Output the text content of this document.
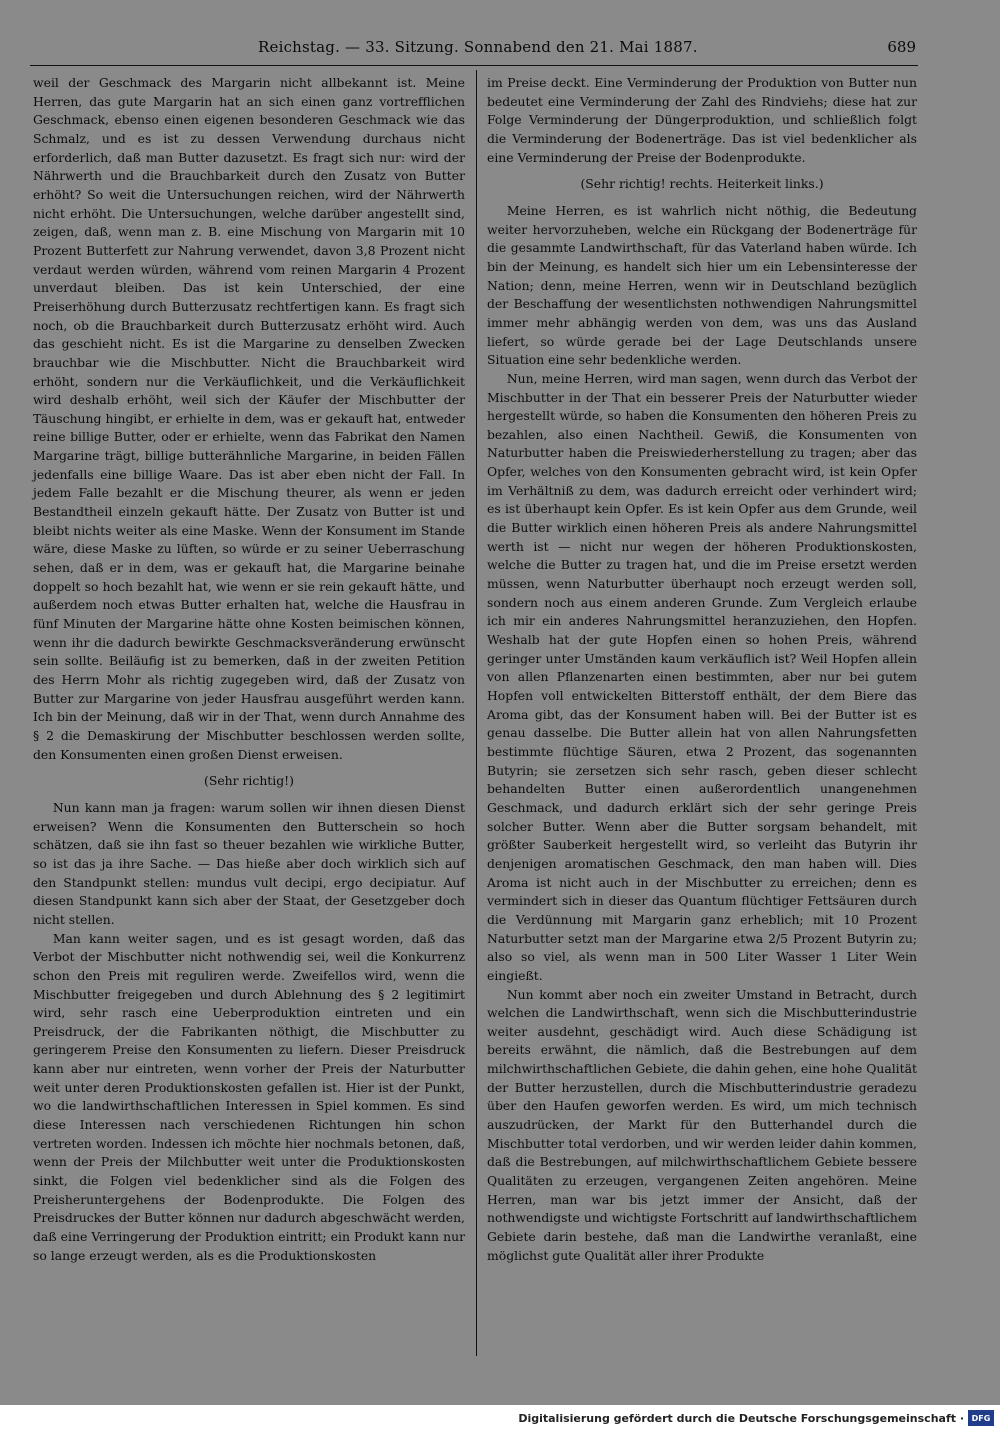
Reichstag. — 33. Sitzung. Sonnabend den 21. Mai 1887.	689

weil der Geschmack des Margarin nicht allbekannt ist. Meine Herren, das gute Margarin hat an sich einen ganz vortrefflichen Geschmack, ebenso einen eigenen besonderen Geschmack wie das Schmalz, und es ist zu dessen Verwendung durchaus nicht erforderlich, daß man Butter dazusetzt. Es fragt sich nur: wird der Nährwerth und die Brauchbarkeit durch den Zusatz von Butter erhöht? So weit die Untersuchungen reichen, wird der Nährwerth nicht erhöht. Die Untersuchungen, welche darüber angestellt sind, zeigen, daß, wenn man z. B. eine Mischung von Margarin mit 10 Prozent Butterfett zur Nahrung verwendet, davon 3,8 Prozent nicht verdaut werden würden, während vom reinen Margarin 4 Prozent unverdaut bleiben. Das ist kein Unterschied, der eine Preiserhöhung durch Butterzusatz rechtfertigen kann. Es fragt sich noch, ob die Brauchbarkeit durch Butterzusatz erhöht wird. Auch das geschieht nicht. Es ist die Margarine zu denselben Zwecken brauchbar wie die Mischbutter. Nicht die Brauchbarkeit wird erhöht, sondern nur die Verkäuflichkeit, und die Verkäuflichkeit wird deshalb erhöht, weil sich der Käufer der Mischbutter der Täuschung hingibt, er erhielte in dem, was er gekauft hat, entweder reine billige Butter, oder er erhielte, wenn das Fabrikat den Namen Margarine trägt, billige butterähnliche Margarine, in beiden Fällen jedenfalls eine billige Waare. Das ist aber eben nicht der Fall. In jedem Falle bezahlt er die Mischung theurer, als wenn er jeden Bestandtheil einzeln gekauft hätte. Der Zusatz von Butter ist und bleibt nichts weiter als eine Maske. Wenn der Konsument im Stande wäre, diese Maske zu lüften, so würde er zu seiner Ueberraschung sehen, daß er in dem, was er gekauft hat, die Margarine beinahe doppelt so hoch bezahlt hat, wie wenn er sie rein gekauft hätte, und außerdem noch etwas Butter erhalten hat, welche die Hausfrau in fünf Minuten der Margarine hätte ohne Kosten beimischen können, wenn ihr die dadurch bewirkte Geschmacksveränderung erwünscht sein sollte. Beiläufig ist zu bemerken, daß in der zweiten Petition des Herrn Mohr als richtig zugegeben wird, daß der Zusatz von Butter zur Margarine von jeder Hausfrau ausgeführt werden kann. Ich bin der Meinung, daß wir in der That, wenn durch Annahme des § 2 die Demaskirung der Mischbutter beschlossen werden sollte, den Konsumenten einen großen Dienst erweisen.

(Sehr richtig!)

Nun kann man ja fragen: warum sollen wir ihnen diesen Dienst erweisen? Wenn die Konsumenten den Butterschein so hoch schätzen, daß sie ihn fast so theuer bezahlen wie wirkliche Butter, so ist das ja ihre Sache. — Das hieße aber doch wirklich sich auf den Standpunkt stellen: mundus vult decipi, ergo decipiatur. Auf diesen Standpunkt kann sich aber der Staat, der Gesetzgeber doch nicht stellen.

Man kann weiter sagen, und es ist gesagt worden, daß das Verbot der Mischbutter nicht nothwendig sei, weil die Konkurrenz schon den Preis mit reguliren werde. Zweifellos wird, wenn die Mischbutter freigegeben und durch Ablehnung des § 2 legitimirt wird, sehr rasch eine Ueberproduktion eintreten und ein Preisdruck, der die Fabrikanten nöthigt, die Mischbutter zu geringerem Preise den Konsumenten zu liefern. Dieser Preisdruck kann aber nur eintreten, wenn vorher der Preis der Naturbutter weit unter deren Produktionskosten gefallen ist. Hier ist der Punkt, wo die landwirthschaftlichen Interessen in Spiel kommen. Es sind diese Interessen nach verschiedenen Richtungen hin schon vertreten worden. Indessen ich möchte hier nochmals betonen, daß, wenn der Preis der Milchbutter weit unter die Produktionskosten sinkt, die Folgen viel bedenklicher sind als die Folgen des Preisheruntergehens der Bodenprodukte. Die Folgen des Preisdruckes der Butter können nur dadurch abgeschwächt werden, daß eine Verringerung der Produktion eintritt; ein Produkt kann nur so lange erzeugt werden, als es die Produktionskosten

im Preise deckt. Eine Verminderung der Produktion von Butter nun bedeutet eine Verminderung der Zahl des Rindviehs; diese hat zur Folge Verminderung der Düngerproduktion, und schließlich folgt die Verminderung der Bodenerträge. Das ist viel bedenklicher als eine Verminderung der Preise der Bodenprodukte.

(Sehr richtig! rechts. Heiterkeit links.)

Meine Herren, es ist wahrlich nicht nöthig, die Bedeutung weiter hervorzuheben, welche ein Rückgang der Bodenerträge für die gesammte Landwirthschaft, für das Vaterland haben würde. Ich bin der Meinung, es handelt sich hier um ein Lebensinteresse der Nation; denn, meine Herren, wenn wir in Deutschland bezüglich der Beschaffung der wesentlichsten nothwendigen Nahrungsmittel immer mehr abhängig werden von dem, was uns das Ausland liefert, so würde gerade bei der Lage Deutschlands unsere Situation eine sehr bedenkliche werden.

Nun, meine Herren, wird man sagen, wenn durch das Verbot der Mischbutter in der That ein besserer Preis der Naturbutter wieder hergestellt würde, so haben die Konsumenten den höheren Preis zu bezahlen, also einen Nachtheil. Gewiß, die Konsumenten von Naturbutter haben die Preiswiederherstellung zu tragen; aber das Opfer, welches von den Konsumenten gebracht wird, ist kein Opfer im Verhältniß zu dem, was dadurch erreicht oder verhindert wird; es ist überhaupt kein Opfer. Es ist kein Opfer aus dem Grunde, weil die Butter wirklich einen höheren Preis als andere Nahrungsmittel werth ist — nicht nur wegen der höheren Produktionskosten, welche die Butter zu tragen hat, und die im Preise ersetzt werden müssen, wenn Naturbutter überhaupt noch erzeugt werden soll, sondern noch aus einem anderen Grunde. Zum Vergleich erlaube ich mir ein anderes Nahrungsmittel heranzuziehen, den Hopfen. Weshalb hat der gute Hopfen einen so hohen Preis, während geringer unter Umständen kaum verkäuflich ist? Weil Hopfen allein von allen Pflanzenarten einen bestimmten, aber nur bei gutem Hopfen voll entwickelten Bitterstoff enthält, der dem Biere das Aroma gibt, das der Konsument haben will. Bei der Butter ist es genau dasselbe. Die Butter allein hat von allen Nahrungsfetten bestimmte flüchtige Säuren, etwa 2 Prozent, das sogenannten Butyrin; sie zersetzen sich sehr rasch, geben dieser schlecht behandelten Butter einen außerordentlich unangenehmen Geschmack, und dadurch erklärt sich der sehr geringe Preis solcher Butter. Wenn aber die Butter sorgsam behandelt, mit größter Sauberkeit hergestellt wird, so verleiht das Butyrin ihr denjenigen aromatischen Geschmack, den man haben will. Dies Aroma ist nicht auch in der Mischbutter zu erreichen; denn es vermindert sich in dieser das Quantum flüchtiger Fettsäuren durch die Verdünnung mit Margarin ganz erheblich; mit 10 Prozent Naturbutter setzt man der Margarine etwa 2/5 Prozent Butyrin zu; also so viel, als wenn man in 500 Liter Wasser 1 Liter Wein eingießt.

Nun kommt aber noch ein zweiter Umstand in Betracht, durch welchen die Landwirthschaft, wenn sich die Mischbutterindustrie weiter ausdehnt, geschädigt wird. Auch diese Schädigung ist bereits erwähnt, die nämlich, daß die Bestrebungen auf dem milchwirthschaftlichen Gebiete, die dahin gehen, eine hohe Qualität der Butter herzustellen, durch die Mischbutterindustrie geradezu über den Haufen geworfen werden. Es wird, um mich technisch auszudrücken, der Markt für den Butterhandel durch die Mischbutter total verdorben, und wir werden leider dahin kommen, daß die Bestrebungen, auf milchwirthschaftlichem Gebiete bessere Qualitäten zu erzeugen, vergangenen Zeiten angehören. Meine Herren, man war bis jetzt immer der Ansicht, daß der nothwendigste und wichtigste Fortschritt auf landwirthschaftlichem Gebiete darin bestehe, daß man die Landwirthe veranlaßt, eine möglichst gute Qualität aller ihrer Produkte

Digitalisierung gefördert durch die Deutsche Forschungsgemeinschaft · DFG
